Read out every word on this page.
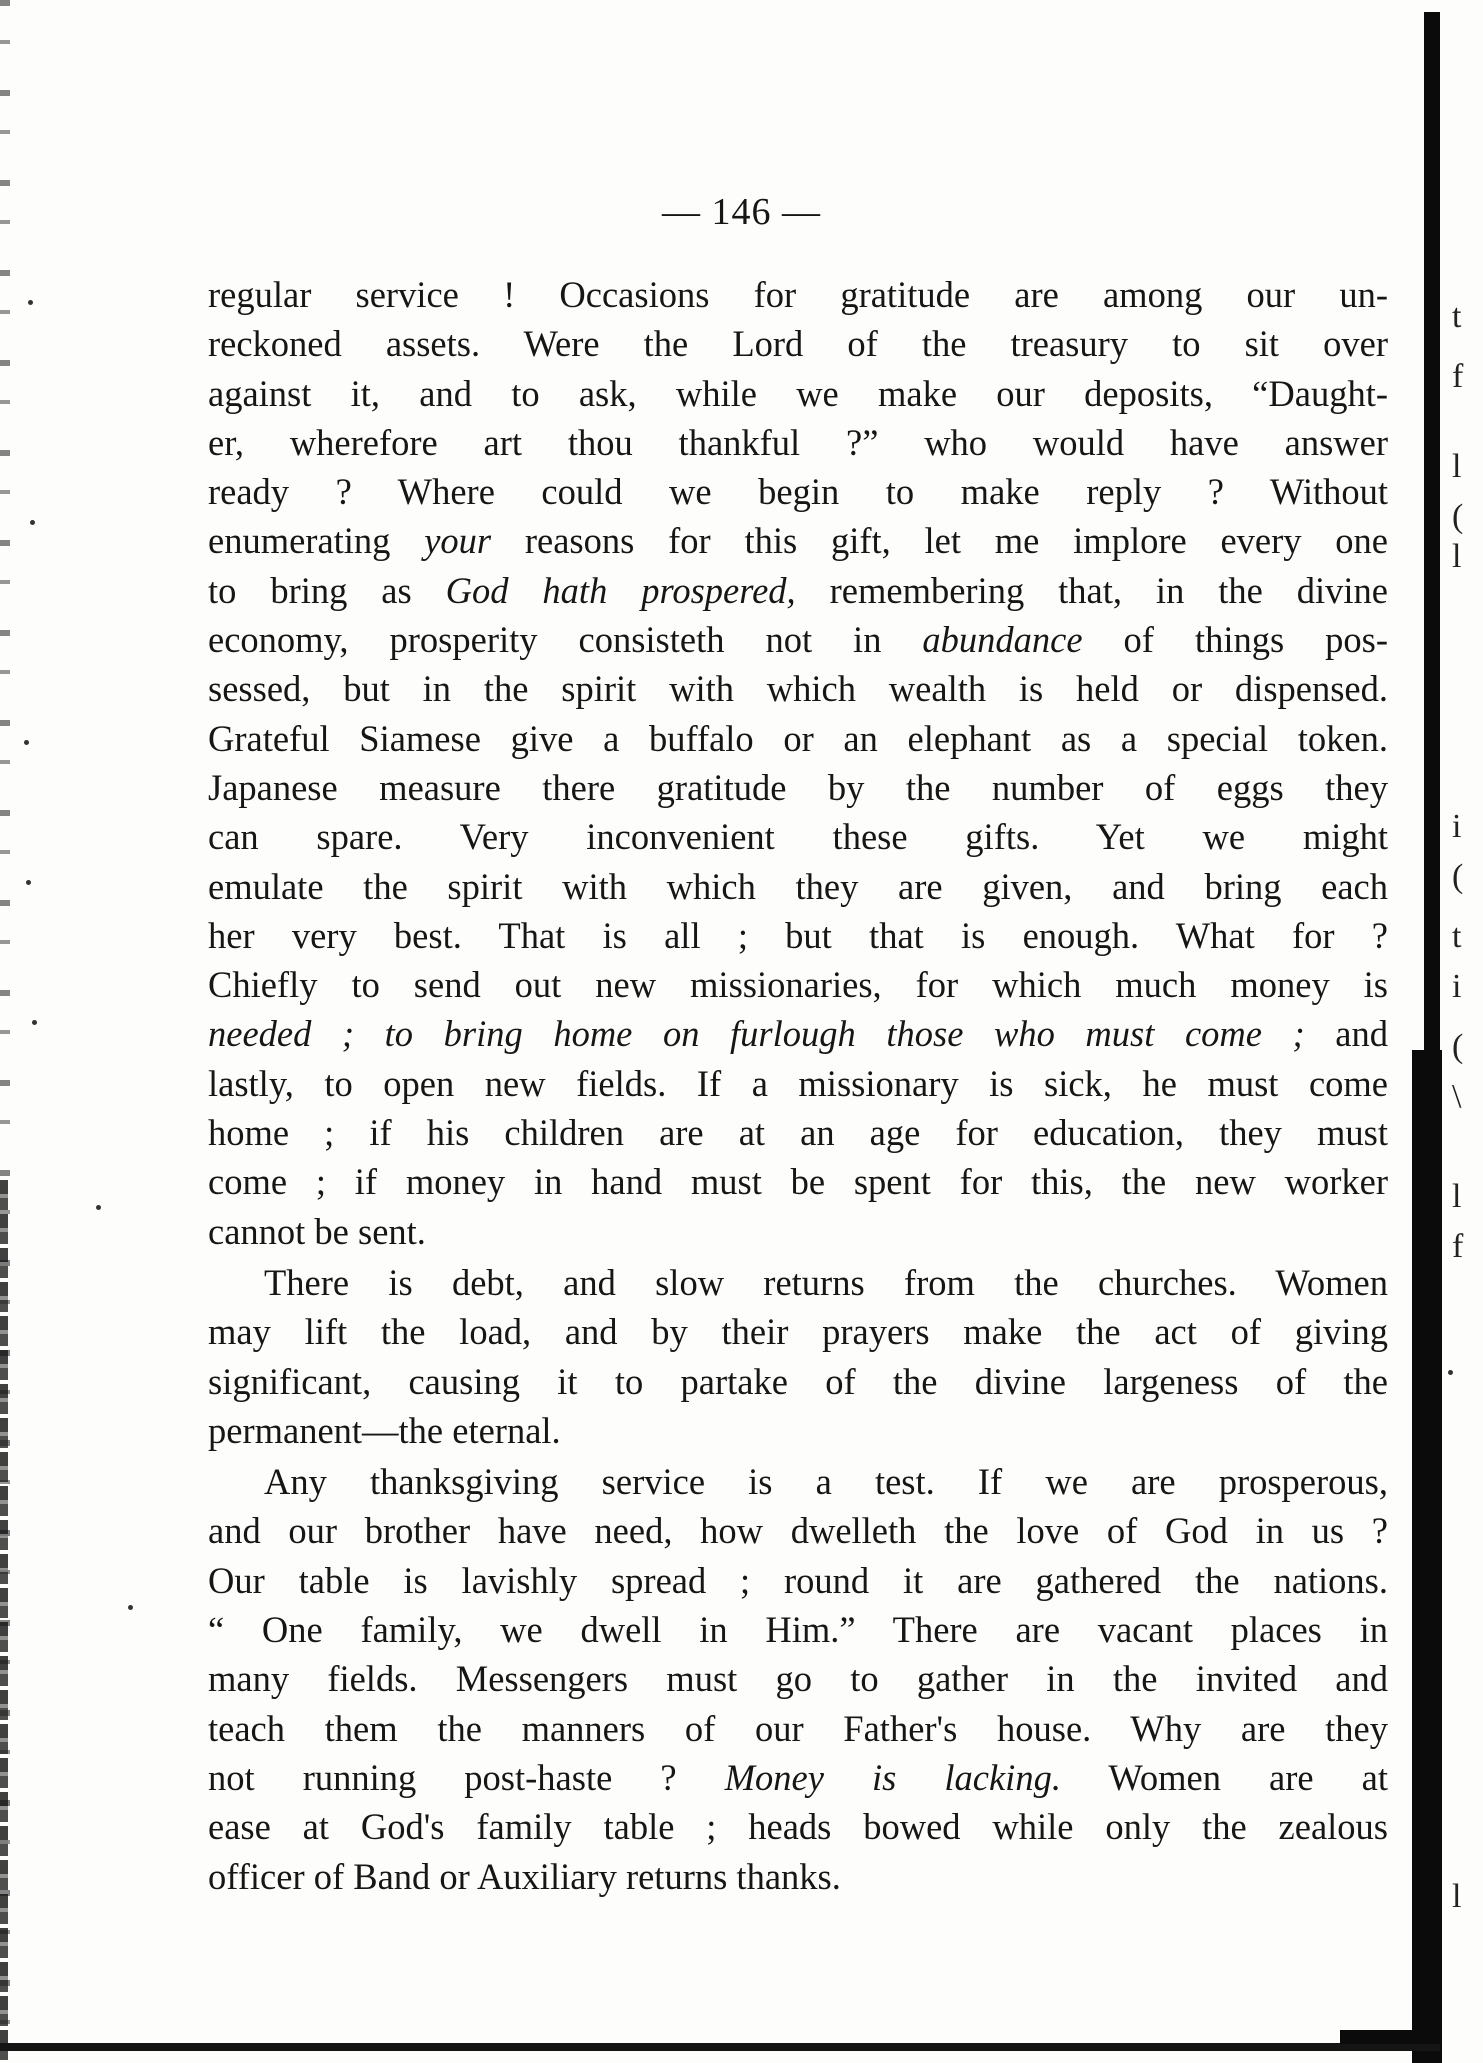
t
f
l
(
l
i
(
t
i
(
\
l
f
l
— 146 —
regular service ! Occasions for gratitude are among our un-
reckoned assets. Were the Lord of the treasury to sit over
against it, and to ask, while we make our deposits, “Daught-
er, wherefore art thou thankful ?” who would have answer
ready ? Where could we begin to make reply ? Without
enumerating your reasons for this gift, let me implore every one
to bring as God hath prospered, remembering that, in the divine
economy, prosperity consisteth not in abundance of things pos-
sessed, but in the spirit with which wealth is held or dispensed.
Grateful Siamese give a buffalo or an elephant as a special token.
Japanese measure there gratitude by the number of eggs they
can spare. Very inconvenient these gifts. Yet we might
emulate the spirit with which they are given, and bring each
her very best. That is all ; but that is enough. What for ?
Chiefly to send out new missionaries, for which much money is
needed ; to bring home on furlough those who must come ; and
lastly, to open new fields. If a missionary is sick, he must come
home ; if his children are at an age for education, they must
come ; if money in hand must be spent for this, the new worker
cannot be sent.
There is debt, and slow returns from the churches. Women
may lift the load, and by their prayers make the act of giving
significant, causing it to partake of the divine largeness of the
permanent—the eternal.
Any thanksgiving service is a test. If we are prosperous,
and our brother have need, how dwelleth the love of God in us ?
Our table is lavishly spread ; round it are gathered the nations.
“ One family, we dwell in Him.” There are vacant places in
many fields. Messengers must go to gather in the invited and
teach them the manners of our Father's house. Why are they
not running post-haste ? Money is lacking. Women are at
ease at God's family table ; heads bowed while only the zealous
officer of Band or Auxiliary returns thanks.
